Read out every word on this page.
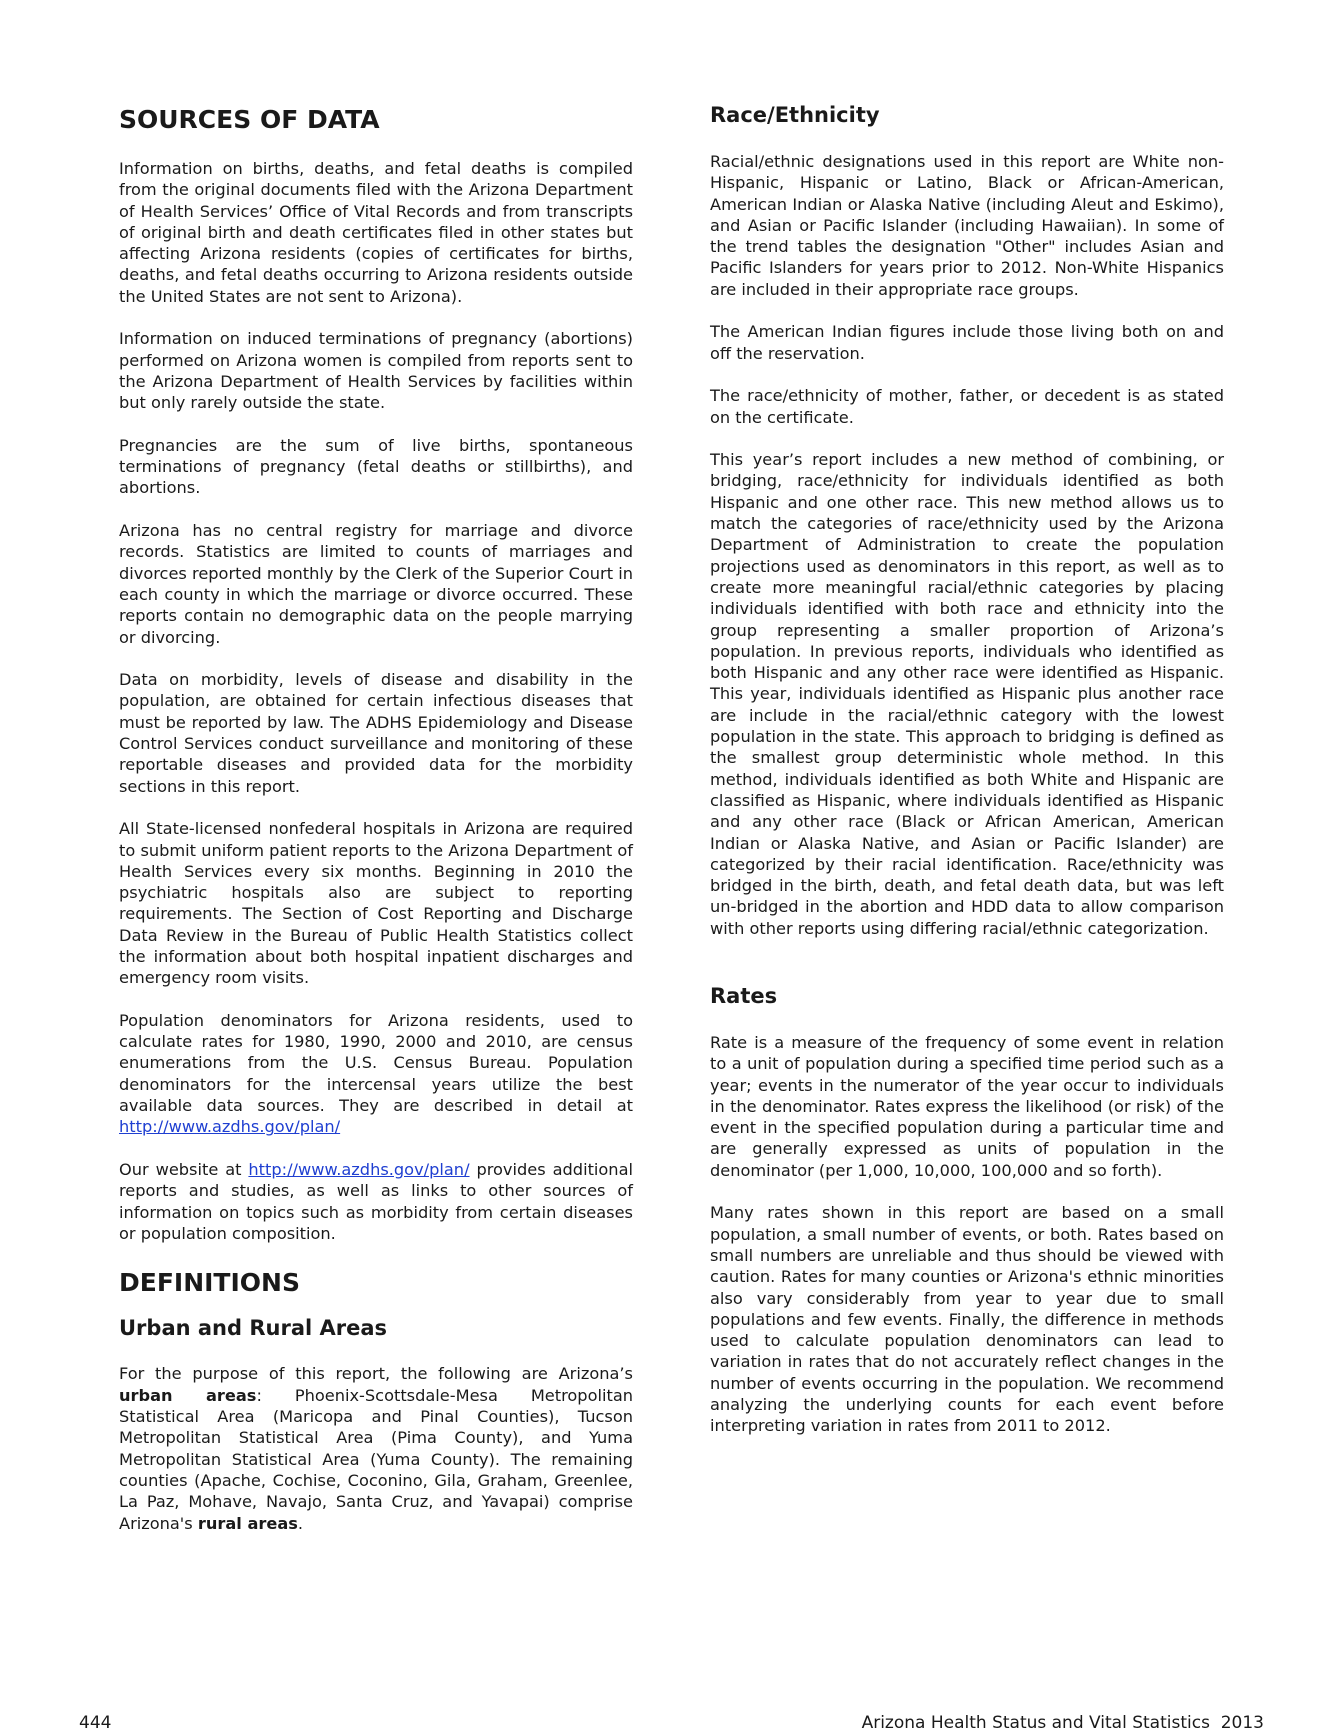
SOURCES OF DATA

Information on births, deaths, and fetal deaths is compiled from the original documents filed with the Arizona Department of Health Services’ Office of Vital Records and from transcripts of original birth and death certificates filed in other states but affecting Arizona residents (copies of certificates for births, deaths, and fetal deaths occurring to Arizona residents outside the United States are not sent to Arizona).

Information on induced terminations of pregnancy (abortions) performed on Arizona women is compiled from reports sent to the Arizona Department of Health Services by facilities within but only rarely outside the state.

Pregnancies are the sum of live births, spontaneous terminations of pregnancy (fetal deaths or stillbirths), and abortions.

Arizona has no central registry for marriage and divorce records. Statistics are limited to counts of marriages and divorces reported monthly by the Clerk of the Superior Court in each county in which the marriage or divorce occurred. These reports contain no demographic data on the people marrying or divorcing.

Data on morbidity, levels of disease and disability in the population, are obtained for certain infectious diseases that must be reported by law. The ADHS Epidemiology and Disease Control Services conduct surveillance and monitoring of these reportable diseases and provided data for the morbidity sections in this report.

All State-licensed nonfederal hospitals in Arizona are required to submit uniform patient reports to the Arizona Department of Health Services every six months. Beginning in 2010 the psychiatric hospitals also are subject to reporting requirements. The Section of Cost Reporting and Discharge Data Review in the Bureau of Public Health Statistics collect the information about both hospital inpatient discharges and emergency room visits.

Population denominators for Arizona residents, used to calculate rates for 1980, 1990, 2000 and 2010, are census enumerations from the U.S. Census Bureau. Population denominators for the intercensal years utilize the best available data sources. They are described in detail at http://www.azdhs.gov/plan/

Our website at http://www.azdhs.gov/plan/ provides additional reports and studies, as well as links to other sources of information on topics such as morbidity from certain diseases or population composition.

DEFINITIONS
Urban and Rural Areas

For the purpose of this report, the following are Arizona’s urban areas: Phoenix-Scottsdale-Mesa Metropolitan Statistical Area (Maricopa and Pinal Counties), Tucson Metropolitan Statistical Area (Pima County), and Yuma Metropolitan Statistical Area (Yuma County). The remaining counties (Apache, Cochise, Coconino, Gila, Graham, Greenlee, La Paz, Mohave, Navajo, Santa Cruz, and Yavapai) comprise Arizona's rural areas.

Race/Ethnicity

Racial/ethnic designations used in this report are White non-Hispanic, Hispanic or Latino, Black or African-American, American Indian or Alaska Native (including Aleut and Eskimo), and Asian or Pacific Islander (including Hawaiian). In some of the trend tables the designation "Other" includes Asian and Pacific Islanders for years prior to 2012. Non-White Hispanics are included in their appropriate race groups.

The American Indian figures include those living both on and off the reservation.

The race/ethnicity of mother, father, or decedent is as stated on the certificate.

This year’s report includes a new method of combining, or bridging, race/ethnicity for individuals identified as both Hispanic and one other race. This new method allows us to match the categories of race/ethnicity used by the Arizona Department of Administration to create the population projections used as denominators in this report, as well as to create more meaningful racial/ethnic categories by placing individuals identified with both race and ethnicity into the group representing a smaller proportion of Arizona’s population. In previous reports, individuals who identified as both Hispanic and any other race were identified as Hispanic. This year, individuals identified as Hispanic plus another race are include in the racial/ethnic category with the lowest population in the state. This approach to bridging is defined as the smallest group deterministic whole method. In this method, individuals identified as both White and Hispanic are classified as Hispanic, where individuals identified as Hispanic and any other race (Black or African American, American Indian or Alaska Native, and Asian or Pacific Islander) are categorized by their racial identification. Race/ethnicity was bridged in the birth, death, and fetal death data, but was left un-bridged in the abortion and HDD data to allow comparison with other reports using differing racial/ethnic categorization.

Rates

Rate is a measure of the frequency of some event in relation to a unit of population during a specified time period such as a year; events in the numerator of the year occur to individuals in the denominator. Rates express the likelihood (or risk) of the event in the specified population during a particular time and are generally expressed as units of population in the denominator (per 1,000, 10,000, 100,000 and so forth).

Many rates shown in this report are based on a small population, a small number of events, or both. Rates based on small numbers are unreliable and thus should be viewed with caution. Rates for many counties or Arizona's ethnic minorities also vary considerably from year to year due to small populations and few events. Finally, the difference in methods used to calculate population denominators can lead to variation in rates that do not accurately reflect changes in the number of events occurring in the population. We recommend analyzing the underlying counts for each event before interpreting variation in rates from 2011 to 2012.

444	Arizona Health Status and Vital Statistics  2013
